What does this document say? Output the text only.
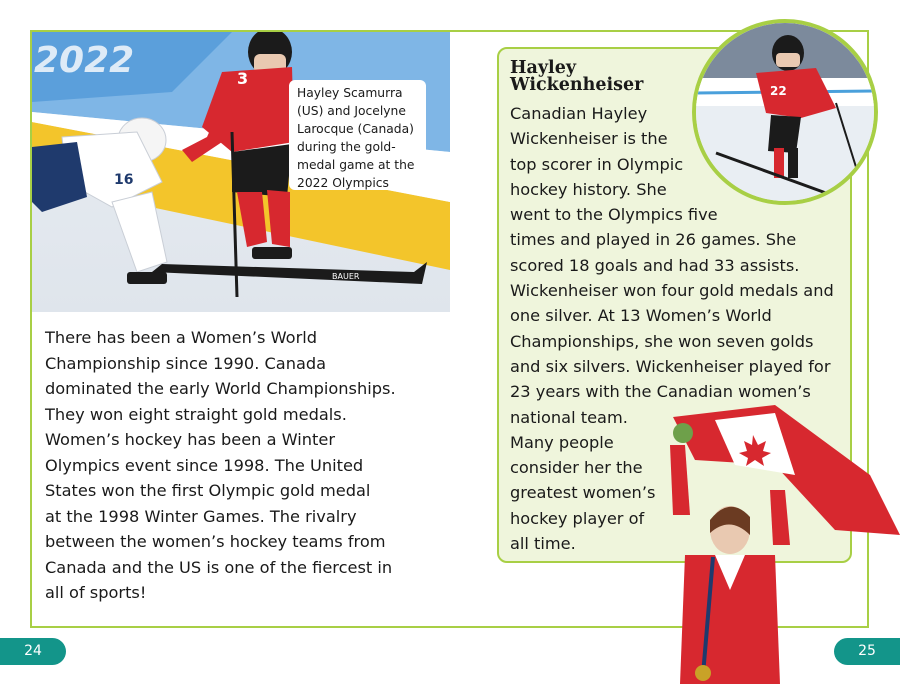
2022	3
16
BAUER
Hayley Scamurra
(US) and Jocelyne
Larocque (Canada)
during the gold-
medal game at the
2022 Olympics
There has been a Women’s World
Championship since 1990. Canada
dominated the early World Championships.
They won eight straight gold medals.
Women’s hockey has been a Winter
Olympics event since 1998. The United
States won the first Olympic gold medal
at the 1998 Winter Games. The rivalry
between the women’s hockey teams from
Canada and the US is one of the fiercest in
all of sports!
Hayley
Wickenheiser
Canadian Hayley
Wickenheiser is the
top scorer in Olympic
hockey history. She
went to the Olympics five
times and played in 26 games. She
scored 18 goals and had 33 assists.
Wickenheiser won four gold medals and
one silver. At 13 Women’s World
Championships, she won seven golds
and six silvers. Wickenheiser played for
23 years with the Canadian women’s
national team.
Many people
consider her the
greatest women’s
hockey player of
all time.
22
24	25
